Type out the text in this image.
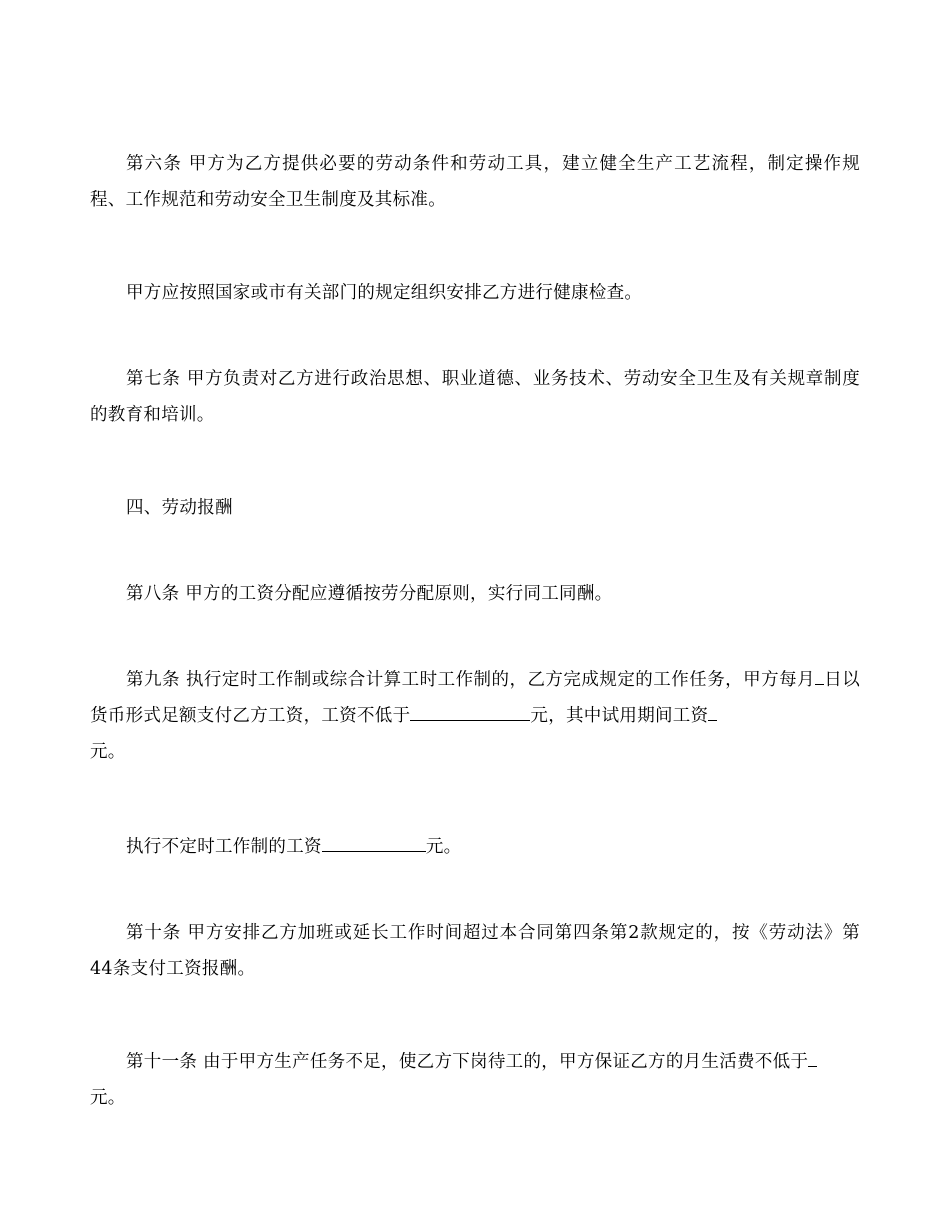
第六条 甲方为乙方提供必要的劳动条件和劳动工具，建立健全生产工艺流程，制定操作规程、工作规范和劳动安全卫生制度及其标准。

甲方应按照国家或市有关部门的规定组织安排乙方进行健康检查。

第七条 甲方负责对乙方进行政治思想、职业道德、业务技术、劳动安全卫生及有关规章制度的教育和培训。

四、劳动报酬

第八条 甲方的工资分配应遵循按劳分配原则，实行同工同酬。

第九条 执行定时工作制或综合计算工时工作制的，乙方完成规定的工作任务，甲方每月 日以货币形式足额支付乙方工资，工资不低于	元，其中试用期间工资
元。

执行不定时工作制的工资	元。

第十条 甲方安排乙方加班或延长工作时间超过本合同第四条第2款规定的，按《劳动法》第44条支付工资报酬。

第十一条 由于甲方生产任务不足，使乙方下岗待工的，甲方保证乙方的月生活费不低于
元。
